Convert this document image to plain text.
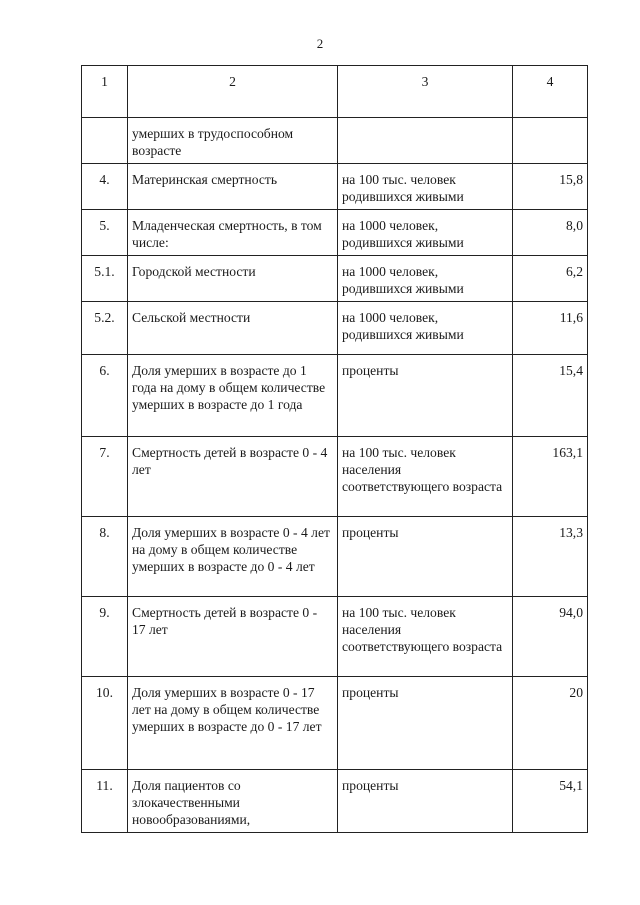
2
1	2	3	4
	умерших в трудоспособном возрасте		
4.	Материнская смертность	на 100 тыс. человек родившихся живыми	15,8
5.	Младенческая смертность, в том числе:	на 1000 человек, родившихся живыми	8,0
5.1.	Городской местности	на 1000 человек, родившихся живыми	6,2
5.2.	Сельской местности	на 1000 человек, родившихся живыми	11,6
6.	Доля умерших в возрасте до 1 года на дому в общем количестве умерших в возрасте до 1 года	проценты	15,4
7.	Смертность детей в возрасте 0 - 4 лет	на 100 тыс. человек населения соответствующего возраста	163,1
8.	Доля умерших в возрасте 0 - 4 лет на дому в общем количестве умерших в возрасте до 0 - 4 лет	проценты	13,3
9.	Смертность детей в возрасте 0 - 17 лет	на 100 тыс. человек населения соответствующего возраста	94,0
10.	Доля умерших в возрасте 0 - 17 лет на дому в общем количестве умерших в возрасте до 0 - 17 лет	проценты	20
11.	Доля пациентов со злокачественными новообразованиями,	проценты	54,1
